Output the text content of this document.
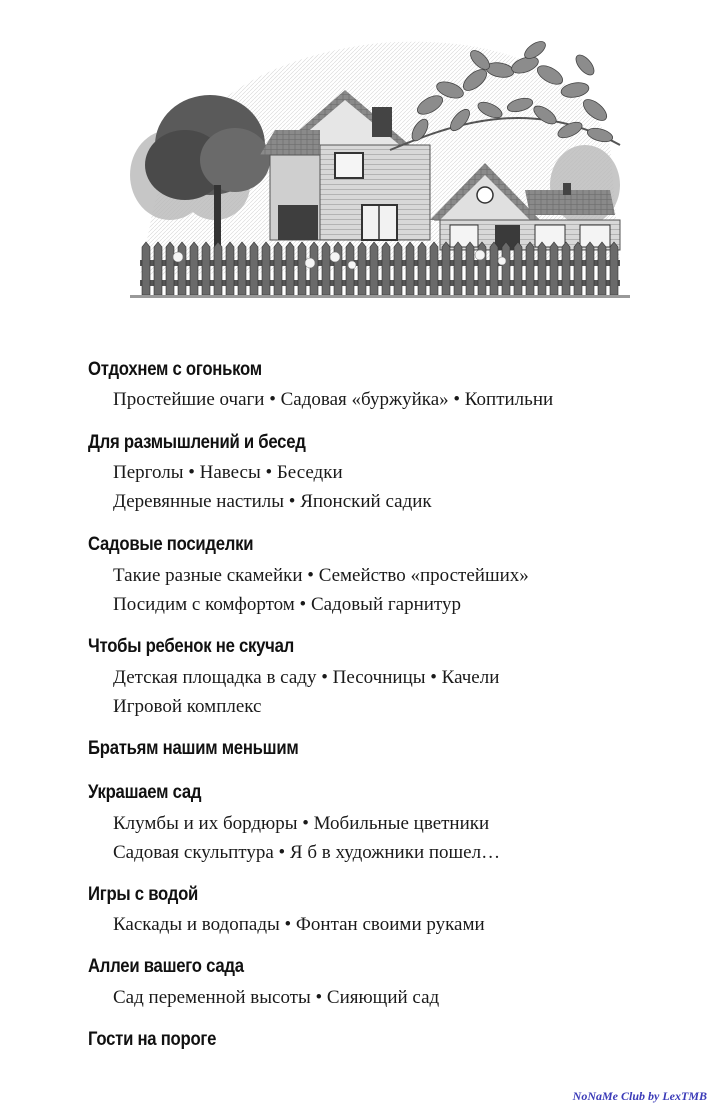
Отдохнем с огоньком
Простейшие очаги • Садовая «буржуйка» • Коптильни
Для размышлений и бесед
Перголы • Навесы • Беседки
Деревянные настилы • Японский садик
Садовые посиделки
Такие разные скамейки • Семейство «простейших»
Посидим с комфортом • Садовый гарнитур
Чтобы ребенок не скучал
Детская площадка в саду • Песочницы • Качели
Игровой комплекс
Братьям нашим меньшим
Украшаем сад
Клумбы и их бордюры • Мобильные цветники
Садовая скульптура • Я б в художники пошел…
Игры с водой
Каскады и водопады • Фонтан своими руками
Аллеи вашего сада
Сад переменной высоты • Сияющий сад
Гости на пороге
NoNaMe Club by LexTMB
